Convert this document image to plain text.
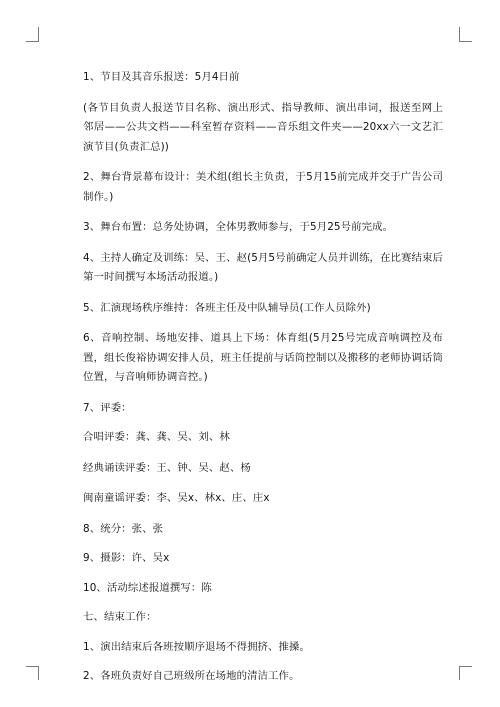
1、节目及其音乐报送：5月4日前

(各节目负责人报送节目名称、演出形式、指导教师、演出串词，报送至网上邻居——公共文档——科室暂存资料——音乐组文件夹——20xx六一文艺汇演节目(负责汇总))

2、舞台背景幕布设计：美术组(组长主负责，于5月15前完成并交于广告公司制作。)

3、舞台布置：总务处协调，全体男教师参与，于5月25号前完成。

4、主持人确定及训练：吴、王、赵(5月5号前确定人员并训练，在比赛结束后第一时间撰写本场活动报道。)

5、汇演现场秩序维持：各班主任及中队辅导员(工作人员除外)

6、音响控制、场地安排、道具上下场：体育组(5月25号完成音响调控及布置，组长俊裕协调安排人员，班主任提前与话筒控制以及搬移的老师协调话筒位置，与音响师协调音控。)

7、评委：

合唱评委：龚、龚、吴、刘、林

经典诵读评委：王、钟、吴、赵、杨

闽南童谣评委：李、吴x、林x、庄、庄x

8、统分：张、张

9、摄影：许、吴x

10、活动综述报道撰写：陈

七、结束工作：

1、演出结束后各班按顺序退场不得拥挤、推搡。

2、各班负责好自己班级所在场地的清洁工作。
